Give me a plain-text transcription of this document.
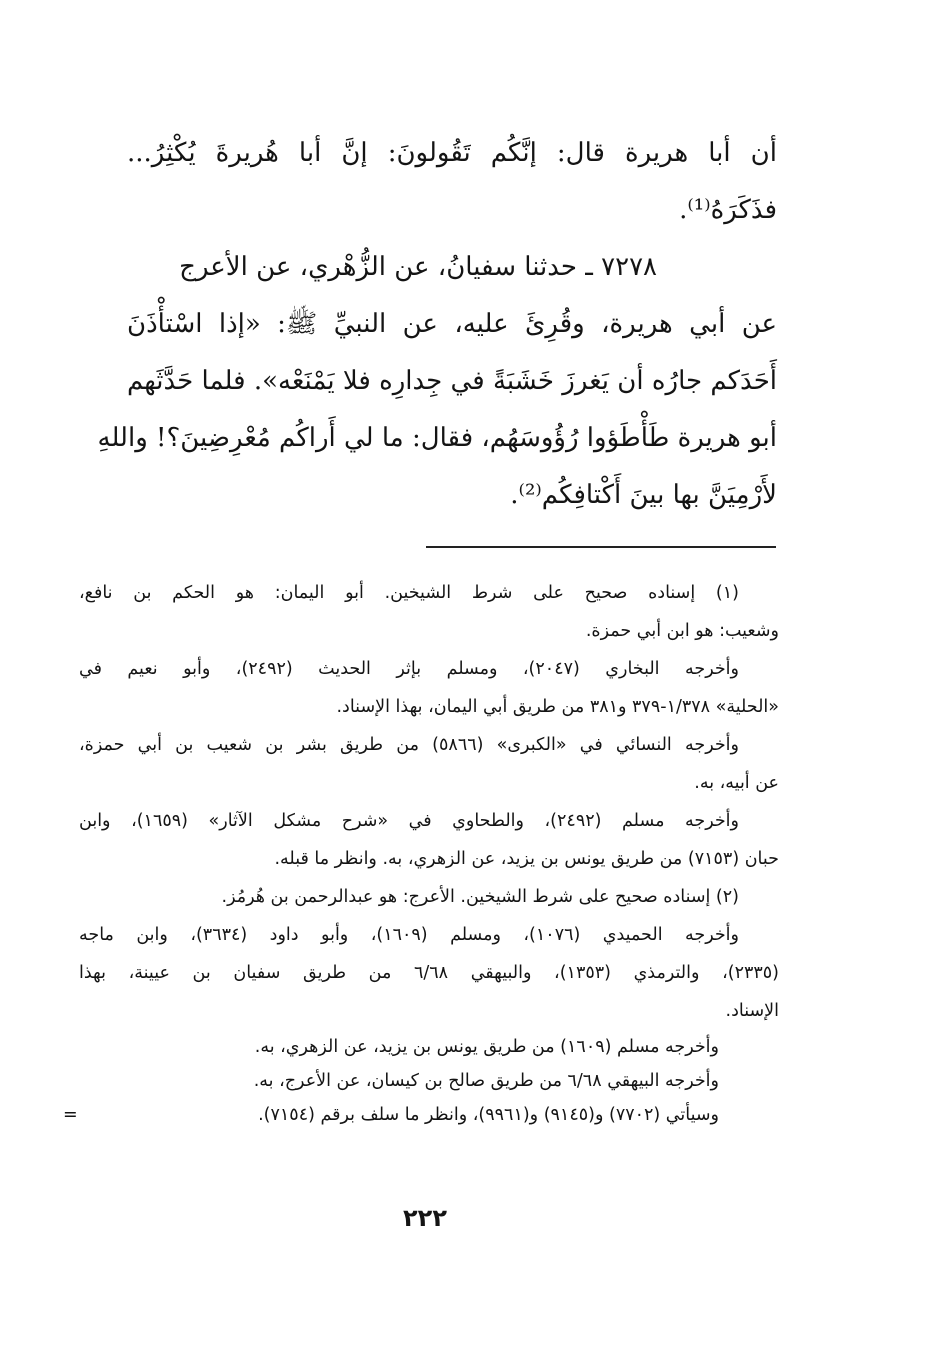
أن أبا هريرة قال: إنَّكُم تَقُولونَ: إنَّ أبا هُريرةَ يُكْثِرُ...
فذَكَرَهُ⁽¹⁾.
٧٢٧٨ ـ حدثنا سفيانُ، عن الزُّهْري، عن الأعرج
عن أبي هريرة، وقُرِئَ عليه، عن النبيِّ ﷺ: «إذا اسْتأْذَنَ
أَحَدَكم جارُه أن يَغرزَ خَشَبَةً في جِدارِه فلا يَمْنَعْه». فلما حَدَّثَهم
أبو هريرة طَأْطَؤوا رُؤُوسَهُم، فقال: ما لي أَراكُم مُعْرِضِينَ؟! واللهِ
لأَرْمِيَنَّ بها بينَ أَكْتافِكُم⁽²⁾.
(١) إسناده صحيح على شرط الشيخين. أبو اليمان: هو الحكم بن نافع،
وشعيب: هو ابن أبي حمزة.
وأخرجه البخاري (٢٠٤٧)، ومسلم بإثر الحديث (٢٤٩٢)، وأبو نعيم في
«الحلية» ١/٣٧٨-٣٧٩ و٣٨١ من طريق أبي اليمان، بهذا الإسناد.
وأخرجه النسائي في «الكبرى» (٥٨٦٦) من طريق بشر بن شعيب بن أبي حمزة،
عن أبيه، به.
وأخرجه مسلم (٢٤٩٢)، والطحاوي في «شرح مشكل الآثار» (١٦٥٩)، وابن
حبان (٧١٥٣) من طريق يونس بن يزيد، عن الزهري، به. وانظر ما قبله.
(٢) إسناده صحيح على شرط الشيخين. الأعرج: هو عبدالرحمن بن هُرمُز.
وأخرجه الحميدي (١٠٧٦)، ومسلم (١٦٠٩)، وأبو داود (٣٦٣٤)، وابن ماجه
(٢٣٣٥)، والترمذي (١٣٥٣)، والبيهقي ٦/٦٨ من طريق سفيان بن عيينة، بهذا
الإسناد.
وأخرجه مسلم (١٦٠٩) من طريق يونس بن يزيد، عن الزهري، به.
وأخرجه البيهقي ٦/٦٨ من طريق صالح بن كيسان، عن الأعرج، به.
وسيأتي (٧٧٠٢) و(٩١٤٥) و(٩٩٦١)، وانظر ما سلف برقم (٧١٥٤).
=
٢٢٢
